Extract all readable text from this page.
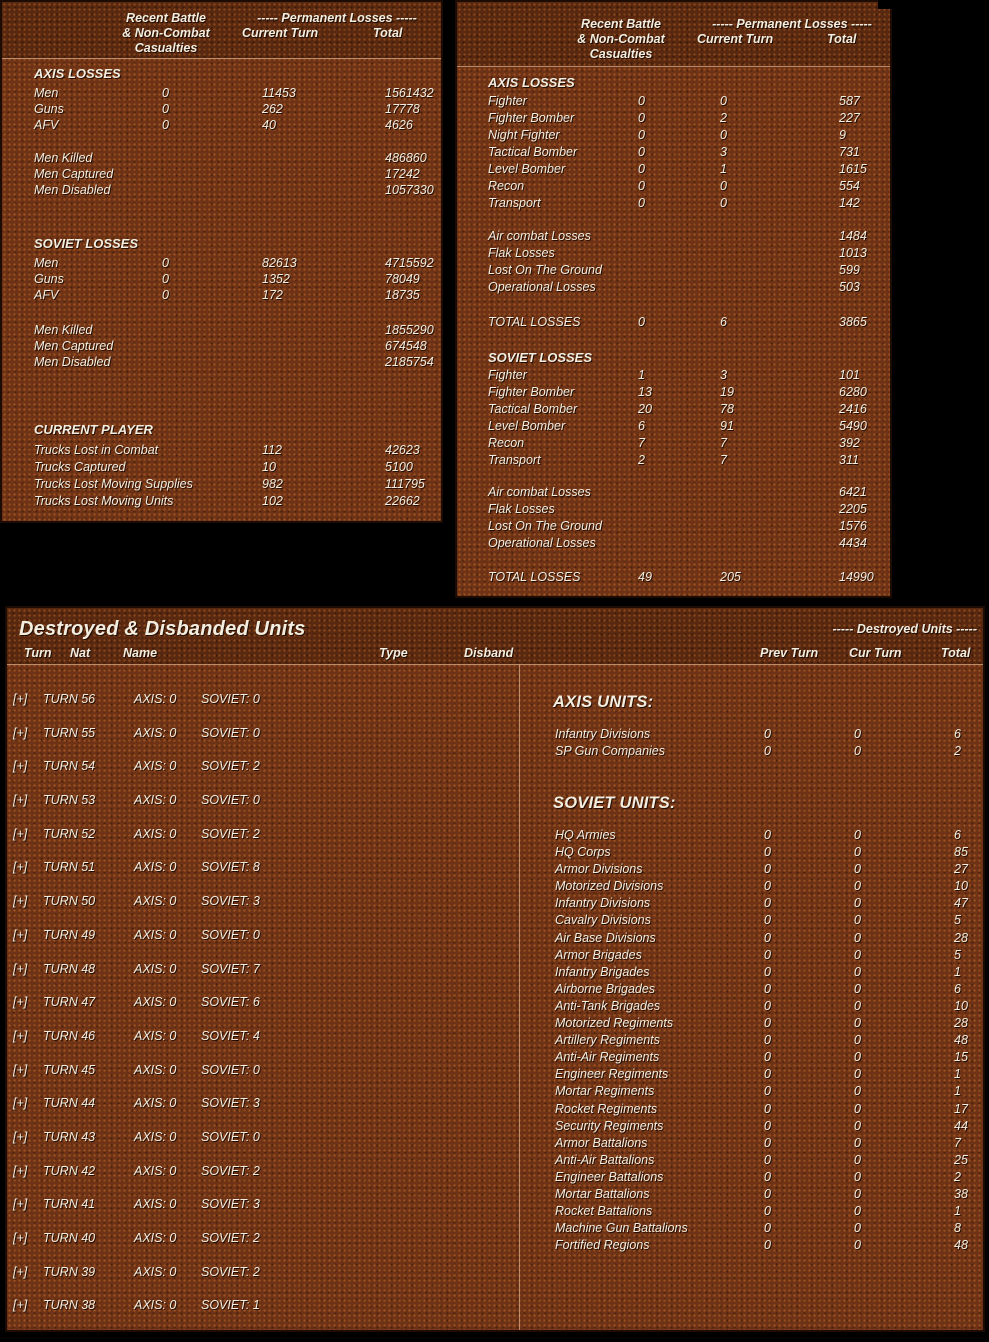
Recent Battle
& Non-Combat
Casualties
----- Permanent Losses -----
Current Turn	Total
AXIS LOSSES
Men	0	11453	1561432
Guns	0	262	17778
AFV	0	40	4626
Men Killed	486860
Men Captured	17242
Men Disabled	1057330
SOVIET LOSSES
Men	0	82613	4715592
Guns	0	1352	78049
AFV	0	172	18735
Men Killed	1855290
Men Captured	674548
Men Disabled	2185754
CURRENT PLAYER
Trucks Lost in Combat	112	42623
Trucks Captured	10	5100
Trucks Lost Moving Supplies	982	111795
Trucks Lost Moving Units	102	22662
Recent Battle
& Non-Combat
Casualties
----- Permanent Losses -----
Current Turn	Total
AXIS LOSSES
Fighter	0	0	587
Fighter Bomber	0	2	227
Night Fighter	0	0	9
Tactical Bomber	0	3	731
Level Bomber	0	1	1615
Recon	0	0	554
Transport	0	0	142
Air combat Losses	1484
Flak Losses	1013
Lost On The Ground	599
Operational Losses	503
TOTAL LOSSES	0	6	3865
SOVIET LOSSES
Fighter	1	3	101
Fighter Bomber	13	19	6280
Tactical Bomber	20	78	2416
Level Bomber	6	91	5490
Recon	7	7	392
Transport	2	7	311
Air combat Losses	6421
Flak Losses	2205
Lost On The Ground	1576
Operational Losses	4434
TOTAL LOSSES	49	205	14990
Destroyed & Disbanded Units
Turn Nat	Name	Type	Disband
----- Destroyed Units -----
Prev Turn Cur Turn	Total
[+] TURN 56	AXIS: 0 SOVIET: 0
[+] TURN 55	AXIS: 0 SOVIET: 0
[+] TURN 54	AXIS: 0 SOVIET: 2
[+] TURN 53	AXIS: 0 SOVIET: 0
[+] TURN 52	AXIS: 0 SOVIET: 2
[+] TURN 51	AXIS: 0 SOVIET: 8
[+] TURN 50	AXIS: 0 SOVIET: 3
[+] TURN 49	AXIS: 0 SOVIET: 0
[+] TURN 48	AXIS: 0 SOVIET: 7
[+] TURN 47	AXIS: 0 SOVIET: 6
[+] TURN 46	AXIS: 0 SOVIET: 4
[+] TURN 45	AXIS: 0 SOVIET: 0
[+] TURN 44	AXIS: 0 SOVIET: 3
[+] TURN 43	AXIS: 0 SOVIET: 0
[+] TURN 42	AXIS: 0 SOVIET: 2
[+] TURN 41	AXIS: 0 SOVIET: 3
[+] TURN 40	AXIS: 0 SOVIET: 2
[+] TURN 39	AXIS: 0 SOVIET: 2
[+] TURN 38	AXIS: 0 SOVIET: 1
AXIS UNITS:
Infantry Divisions	0	0	6
SP Gun Companies	0	0	2
SOVIET UNITS:
HQ Armies	0	0	6
HQ Corps	0	0	85
Armor Divisions	0	0	27
Motorized Divisions	0	0	10
Infantry Divisions	0	0	47
Cavalry Divisions	0	0	5
Air Base Divisions	0	0	28
Armor Brigades	0	0	5
Infantry Brigades	0	0	1
Airborne Brigades	0	0	6
Anti-Tank Brigades	0	0	10
Motorized Regiments	0	0	28
Artillery Regiments	0	0	48
Anti-Air Regiments	0	0	15
Engineer Regiments	0	0	1
Mortar Regiments	0	0	1
Rocket Regiments	0	0	17
Security Regiments	0	0	44
Armor Battalions	0	0	7
Anti-Air Battalions	0	0	25
Engineer Battalions	0	0	2
Mortar Battalions	0	0	38
Rocket Battalions	0	0	1
Machine Gun Battalions	0	0	8
Fortified Regions	0	0	48
